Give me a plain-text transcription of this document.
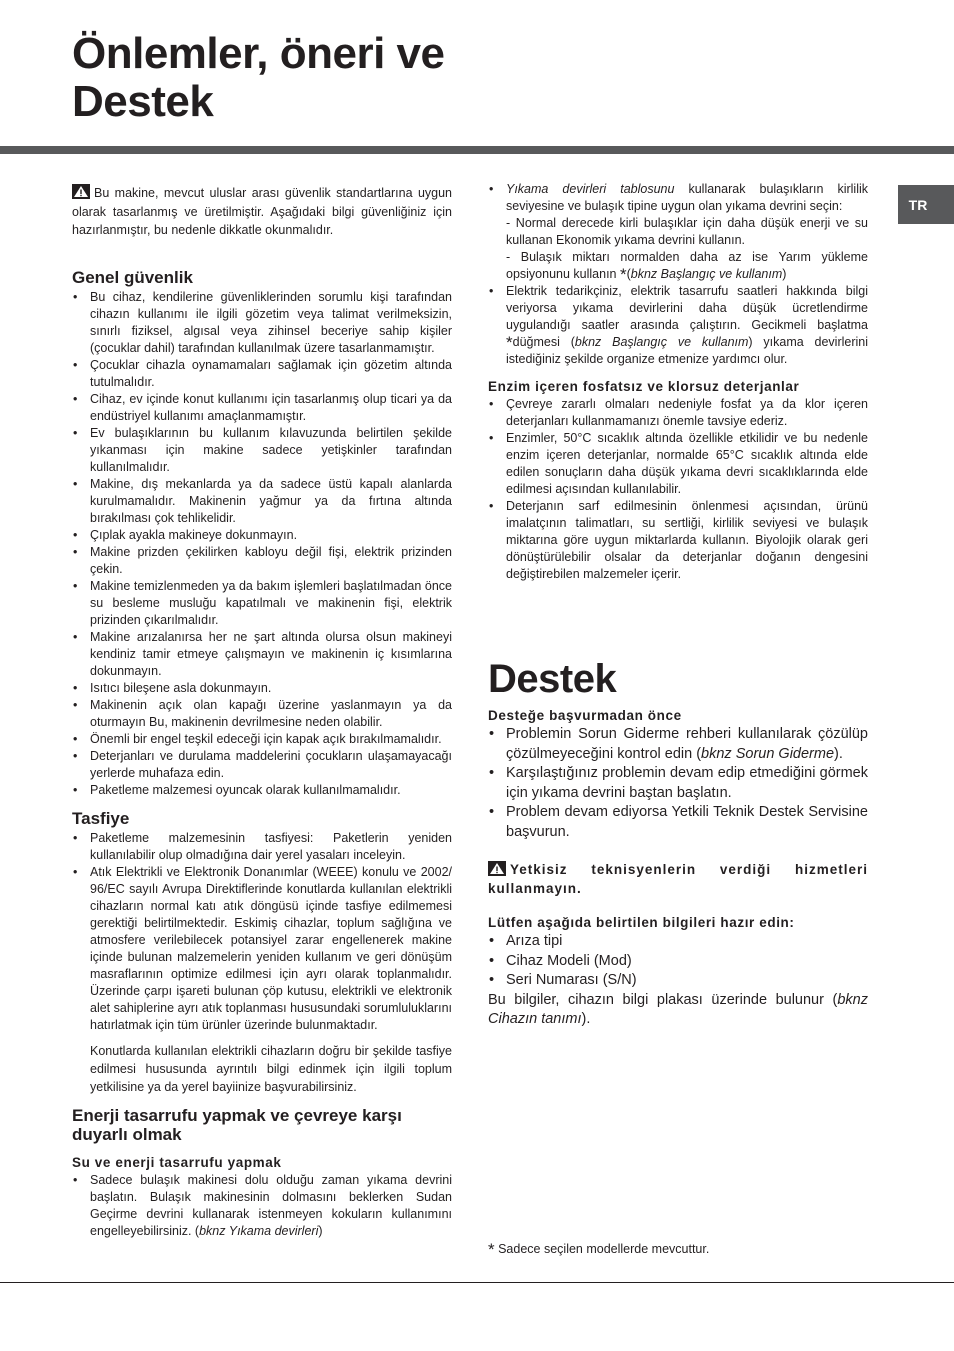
Önlemler, öneri ve
Destek
TR

Bu makine, mevcut uluslar arası güvenlik standartlarına uygun olarak tasarlanmış ve üretilmiştir. Aşağıdaki bilgi güvenliğiniz için hazırlanmıştır, bu nedenle dikkatle okunmalıdır.

Genel güvenlik
• Bu cihaz, kendilerine güvenliklerinden sorumlu kişi tarafından cihazın kullanımı ile ilgili gözetim veya talimat verilmeksizin, sınırlı fiziksel, algısal veya zihinsel beceriye sahip kişiler (çocuklar dahil) tarafından kullanılmak üzere tasarlanmamıştır.
• Çocuklar cihazla oynamamaları sağlamak için gözetim altında tutulmalıdır.
• Cihaz, ev içinde konut kullanımı için tasarlanmış olup ticari ya da endüstriyel kullanımı amaçlanmamıştır.
• Ev bulaşıklarının bu kullanım kılavuzunda belirtilen şekilde yıkanması için makine sadece yetişkinler tarafından kullanılmalıdır.
• Makine, dış mekanlarda ya da sadece üstü kapalı alanlarda kurulmamalıdır. Makinenin yağmur ya da fırtına altında bırakılması çok tehlikelidir.
• Çıplak ayakla makineye dokunmayın.
• Makine prizden çekilirken kabloyu değil fişi, elektrik prizinden çekin.
• Makine temizlenmeden ya da bakım işlemleri başlatılmadan önce su besleme musluğu kapatılmalı ve makinenin fişi, elektrik prizinden çıkarılmalıdır.
• Makine arızalanırsa her ne şart altında olursa olsun makineyi kendiniz tamir etmeye çalışmayın ve makinenin iç kısımlarına dokunmayın.
• Isıtıcı bileşene asla dokunmayın.
• Makinenin açık olan kapağı üzerine yaslanmayın ya da oturmayın Bu, makinenin devrilmesine neden olabilir.
• Önemli bir engel teşkil edeceği için kapak açık bırakılmamalıdır.
• Deterjanları ve durulama maddelerini çocukların ulaşamayacağı yerlerde muhafaza edin.
• Paketleme malzemesi oyuncak olarak kullanılmamalıdır.
Tasfiye
• Paketleme malzemesinin tasfiyesi: Paketlerin yeniden kullanılabilir olup olmadığına dair yerel yasaları inceleyin.
• Atık Elektrikli ve Elektronik Donanımlar (WEEE) konulu ve 2002/ 96/EC sayılı Avrupa Direktiflerinde konutlarda kullanılan elektrikli cihazların normal katı atık döngüsü içinde tasfiye edilmemesi gerektiği belirtilmektedir. Eskimiş cihazlar, toplum sağlığına ve atmosfere verilebilecek potansiyel zarar engellenerek makine içinde bulunan malzemelerin yeniden kullanım ve geri dönüşüm masraflarının optimize edilmesi için ayrı olarak toplanmalıdır. Üzerinde çarpı işareti bulunan çöp kutusu, elektrikli ve elektronik alet sahiplerine ayrı atık toplanması hususundaki sorumluluklarını hatırlatmak için tüm ürünler üzerinde bulunmaktadır.

Konutlarda kullanılan elektrikli cihazların doğru bir şekilde tasfiye edilmesi hususunda ayrıntılı bilgi edinmek için ilgili toplum yetkilisine ya da yerel bayiinize başvurabilirsiniz.

Enerji tasarrufu yapmak ve çevreye karşı duyarlı olmak
Su ve enerji tasarrufu yapmak
• Sadece bulaşık makinesi dolu olduğu zaman yıkama devrini başlatın. Bulaşık makinesinin dolmasını beklerken Sudan Geçirme devrini kullanarak istenmeyen kokuların kullanımını engelleyebilirsiniz. (bknz Yıkama devirleri)
• Yıkama devirleri tablosunu kullanarak bulaşıkların kirlilik seviyesine ve bulaşık tipine uygun olan yıkama devrini seçin:
- Normal derecede kirli bulaşıklar için daha düşük enerji ve su kullanan Ekonomik yıkama devrini kullanın.
- Bulaşık miktarı normalden daha az ise Yarım yükleme opsiyonunu kullanın *(bknz Başlangıç ve kullanım)
• Elektrik tedarikçiniz, elektrik tasarrufu saatleri hakkında bilgi veriyorsa yıkama devirlerini daha düşük ücretlendirme uygulandığı saatler arasında çalıştırın. Gecikmeli başlatma *düğmesi (bknz Başlangıç ve kullanım) yıkama devirlerini istediğiniz şekilde organize etmenize yardımcı olur.
Enzim içeren fosfatsız ve klorsuz deterjanlar
• Çevreye zararlı olmaları nedeniyle fosfat ya da klor içeren deterjanları kullanmamanızı önemle tavsiye ederiz.
• Enzimler, 50°C sıcaklık altında özellikle etkilidir ve bu nedenle enzim içeren deterjanlar, normalde 65°C sıcaklık altında elde edilen sonuçların daha düşük yıkama devri sıcaklıklarında elde edilmesi açısından kullanılabilir.
• Deterjanın sarf edilmesinin önlenmesi açısından, ürünü imalatçının talimatları, su sertliği, kirlilik seviyesi ve bulaşık miktarına göre uygun miktarlarda kullanın. Biyolojik olarak geri dönüştürülebilir olsalar da deterjanlar doğanın dengesini değiştirebilen malzemeler içerir.
Destek
Desteğe başvurmadan önce
• Problemin Sorun Giderme rehberi kullanılarak çözülüp çözülmeyeceğini kontrol edin (bknz Sorun Giderme).
• Karşılaştığınız problemin devam edip etmediğini görmek için yıkama devrini baştan başlatın.
• Problem devam ediyorsa Yetkili Teknik Destek Servisine başvurun.

Yetkisiz teknisyenlerin verdiği hizmetleri kullanmayın.

Lütfen aşağıda belirtilen bilgileri hazır edin:
• Arıza tipi
• Cihaz Modeli (Mod)
• Seri Numarası (S/N)

Bu bilgiler, cihazın bilgi plakası üzerinde bulunur (bknz Cihazın tanımı).

* Sadece seçilen modellerde mevcuttur.
